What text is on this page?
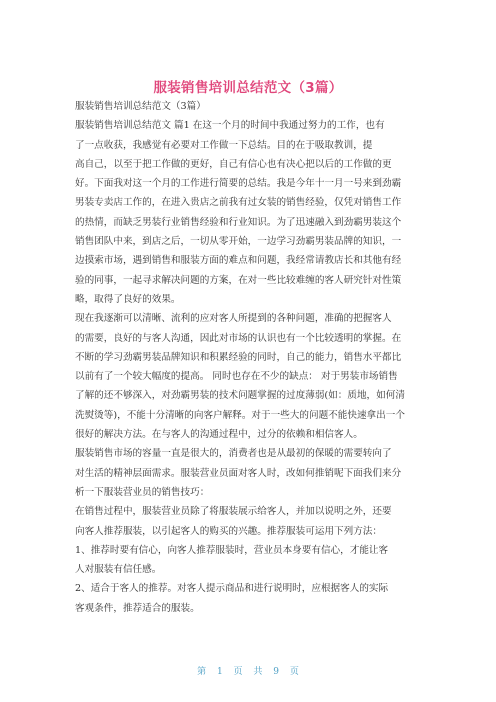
服装销售培训总结范文（3篇）
服装销售培训总结范文（3篇）
服装销售培训总结范文 篇1 在这一个月的时间中我通过努力的工作，也有
了一点收获，我感觉有必要对工作做一下总结。目的在于吸取教训，提
高自己，以至于把工作做的更好，自己有信心也有决心把以后的工作做的更
好。下面我对这一个月的工作进行简要的总结。我是今年十一月一号来到劲霸
男装专卖店工作的，在进入贵店之前我有过女装的销售经验，仅凭对销售工作
的热情，而缺乏男装行业销售经验和行业知识。为了迅速融入到劲霸男装这个
销售团队中来，到店之后，一切从零开始，一边学习劲霸男装品牌的知识，一
边摸索市场，遇到销售和服装方面的难点和问题，我经常请教店长和其他有经
验的同事，一起寻求解决问题的方案，在对一些比较难缠的客人研究针对性策
略，取得了良好的效果。
现在我逐渐可以清晰、流利的应对客人所提到的各种问题，准确的把握客人
的需要，良好的与客人沟通，因此对市场的认识也有一个比较透明的掌握。在
不断的学习劲霸男装品牌知识和积累经验的同时，自己的能力，销售水平都比
以前有了一个较大幅度的提高。 同时也存在不少的缺点： 对于男装市场销售
了解的还不够深入，对劲霸男装的技术问题掌握的过度薄弱(如：质地，如何清
洗熨烫等)，不能十分清晰的向客户解释。对于一些大的问题不能快速拿出一个
很好的解决方法。在与客人的沟通过程中，过分的依赖和相信客人。
服装销售市场的容量一直是很大的，消费者也是从最初的保暖的需要转向了
对生活的精神层面需求。服装营业员面对客人时，改如何推销呢下面我们来分
析一下服装营业员的销售技巧：
在销售过程中，服装营业员除了将服装展示给客人，并加以说明之外，还要
向客人推荐服装，以引起客人的购买的兴趣。推荐服装可运用下列方法：
1、推荐时要有信心，向客人推荐服装时，营业员本身要有信心，才能让客
人对服装有信任感。
2、适合于客人的推荐。对客人提示商品和进行说明时，应根据客人的实际
客观条件，推荐适合的服装。
第 1 页 共 9 页
